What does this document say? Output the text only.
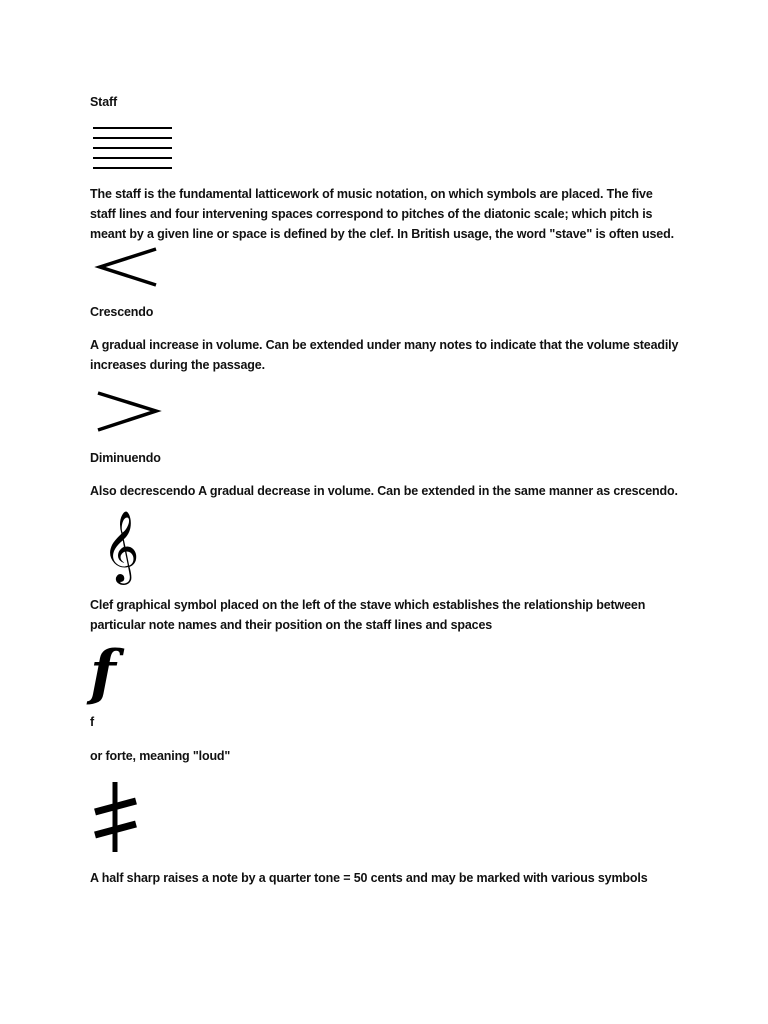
Staff
The staff is the fundamental latticework of music notation, on which symbols are placed. The five staff lines and four intervening spaces correspond to pitches of the diatonic scale; which pitch is meant by a given line or space is defined by the clef. In British usage, the word "stave" is often used.
Crescendo
A gradual increase in volume. Can be extended under many notes to indicate that the volume steadily increases during the passage.
Diminuendo
Also decrescendo A gradual decrease in volume. Can be extended in the same manner as crescendo.
𝄞
Clef graphical symbol placed on the left of the stave which establishes the relationship between particular note names and their position on the staff lines and spaces
f
f
or forte, meaning "loud"
A half sharp raises a note by a quarter tone = 50 cents and may be marked with various symbols
